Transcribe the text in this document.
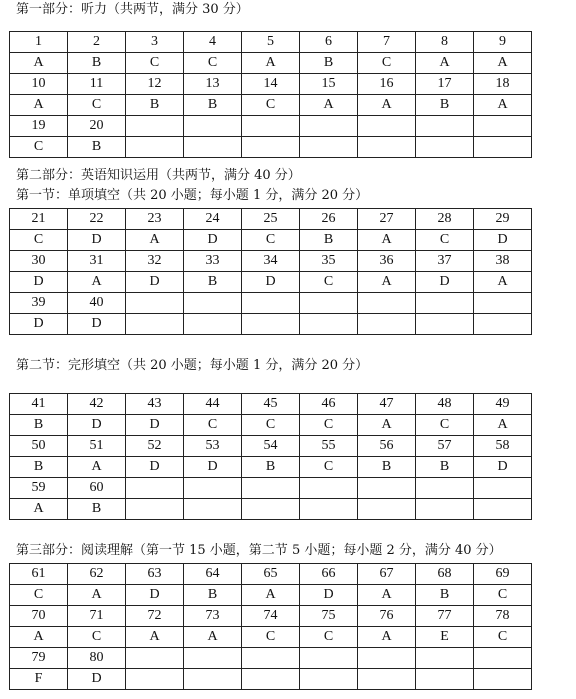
第一部分：听力（共两节，满分 30 分）
1	2	3	4	5	6	7	8	9
A	B	C	C	A	B	C	A	A
10	11	12	13	14	15	16	17	18
A	C	B	B	C	A	A	B	A
19	20							
C	B							
第二部分：英语知识运用（共两节，满分 40 分）
第一节：单项填空（共 20 小题；每小题 1 分，满分 20 分）
21	22	23	24	25	26	27	28	29
C	D	A	D	C	B	A	C	D
30	31	32	33	34	35	36	37	38
D	A	D	B	D	C	A	D	A
39	40							
D	D							
第二节：完形填空（共 20 小题；每小题 1 分，满分 20 分）
41	42	43	44	45	46	47	48	49
B	D	D	C	C	C	A	C	A
50	51	52	53	54	55	56	57	58
B	A	D	D	B	C	B	B	D
59	60							
A	B							
第三部分：阅读理解（第一节 15 小题，第二节 5 小题；每小题 2 分，满分 40 分）
61	62	63	64	65	66	67	68	69
C	A	D	B	A	D	A	B	C
70	71	72	73	74	75	76	77	78
A	C	A	A	C	C	A	E	C
79	80							
F	D							
